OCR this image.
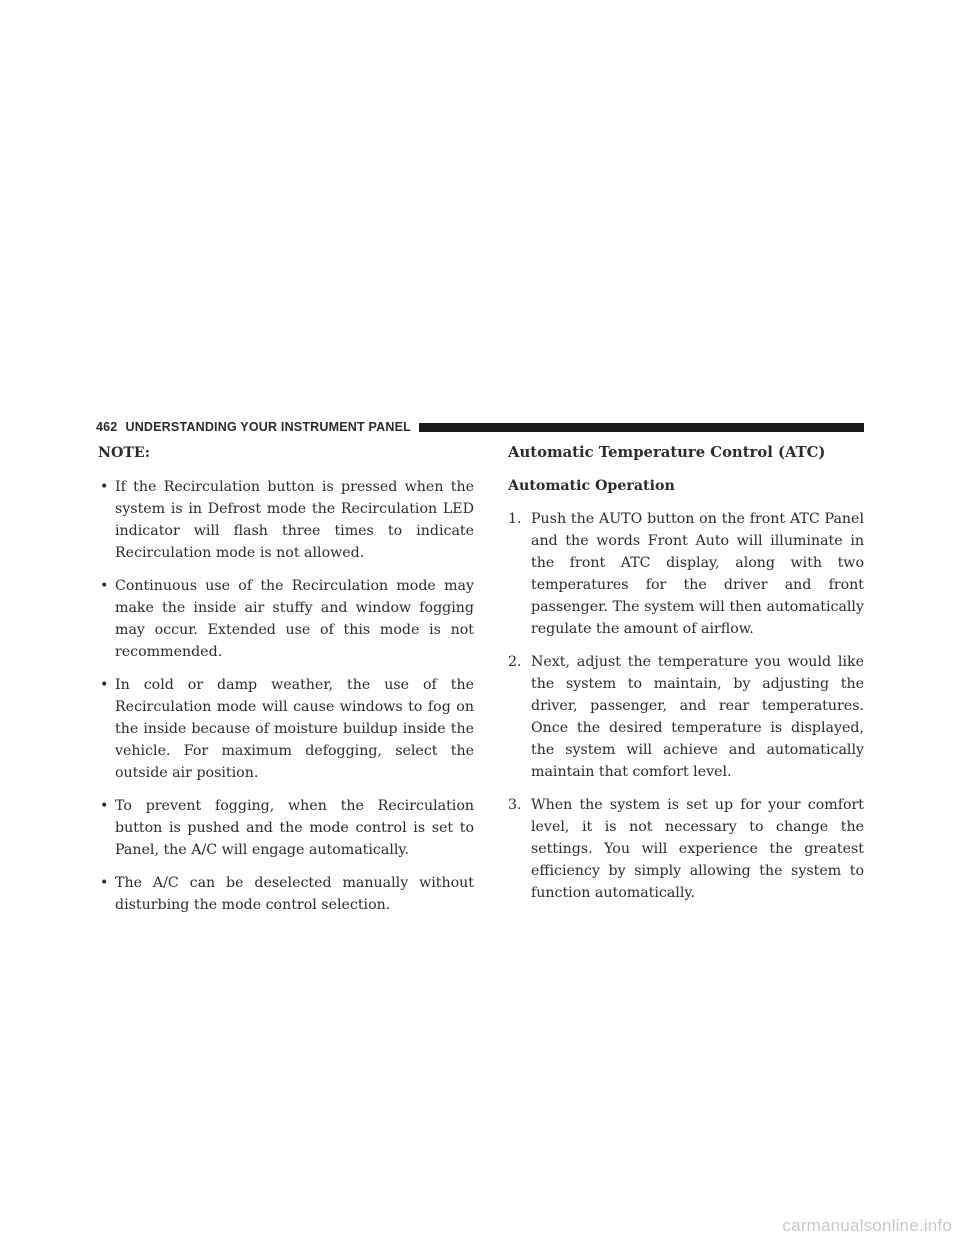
462 UNDERSTANDING YOUR INSTRUMENT PANEL
NOTE:
• If the Recirculation button is pressed when the system is in Defrost mode the Recirculation LED indicator will flash three times to indicate Recirculation mode is not allowed.
• Continuous use of the Recirculation mode may make the inside air stuffy and window fogging may occur. Extended use of this mode is not recommended.
• In cold or damp weather, the use of the Recirculation mode will cause windows to fog on the inside because of moisture buildup inside the vehicle. For maximum defogging, select the outside air position.
• To prevent fogging, when the Recirculation button is pushed and the mode control is set to Panel, the A/C will engage automatically.
• The A/C can be deselected manually without disturbing the mode control selection.
Automatic Temperature Control (ATC)
Automatic Operation
1. Push the AUTO button on the front ATC Panel and the words Front Auto will illuminate in the front ATC display, along with two temperatures for the driver and front passenger. The system will then automatically regulate the amount of airflow.
2. Next, adjust the temperature you would like the system to maintain, by adjusting the driver, passenger, and rear temperatures. Once the desired temperature is displayed, the system will achieve and automatically maintain that comfort level.
3. When the system is set up for your comfort level, it is not necessary to change the settings. You will experience the greatest efficiency by simply allowing the system to function automatically.
carmanualsonline.info
